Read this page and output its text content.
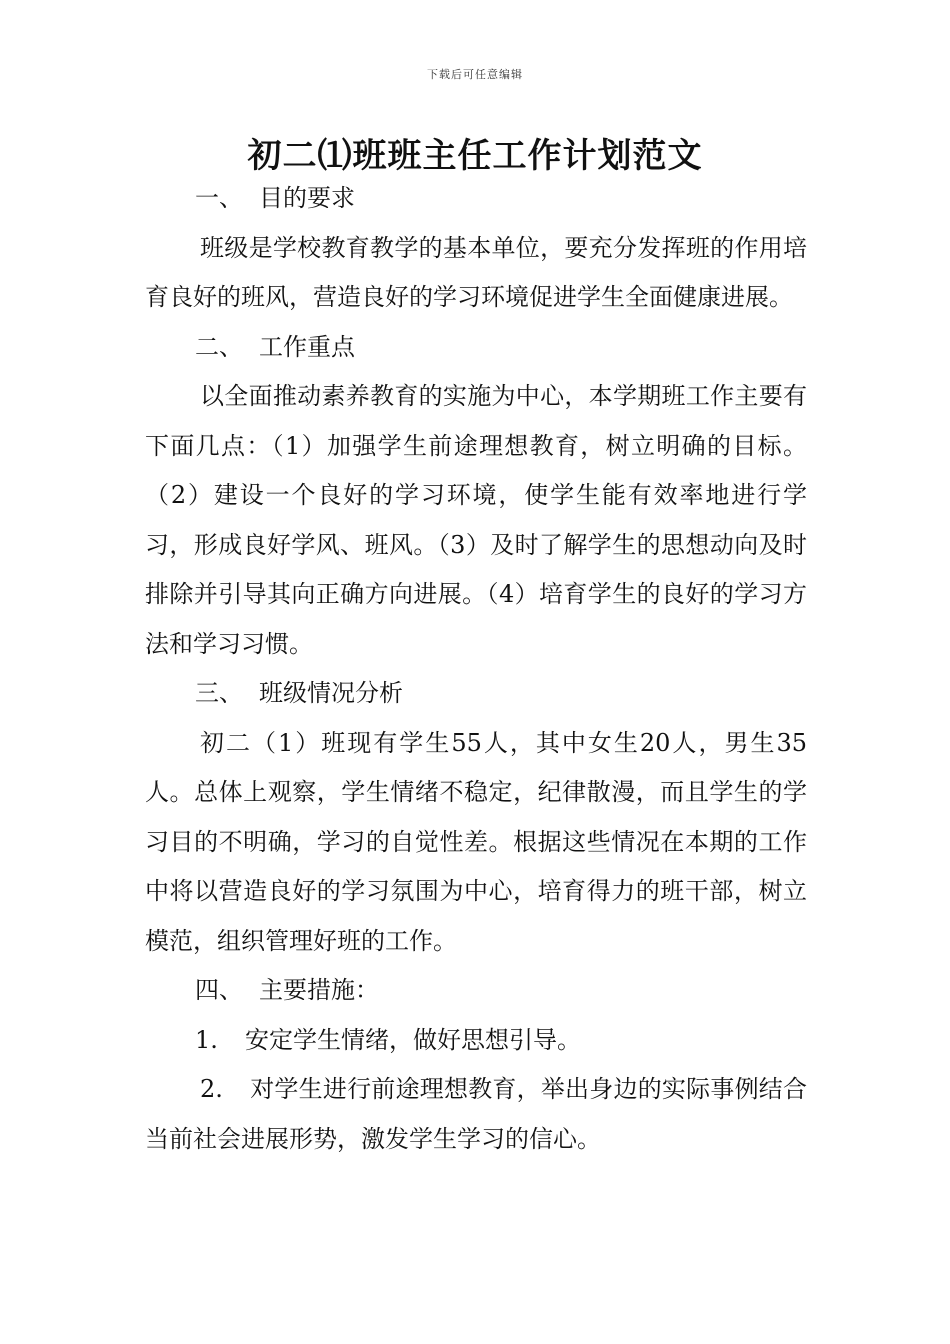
下载后可任意编辑
初二⑴班班主任工作计划范文

一、 目的要求

班级是学校教育教学的基本单位，要充分发挥班的作用培育良好的班风，营造良好的学习环境促进学生全面健康进展。

二、 工作重点

以全面推动素养教育的实施为中心，本学期班工作主要有下面几点：（1）加强学生前途理想教育，树立明确的目标。（2）建设一个良好的学习环境，使学生能有效率地进行学习，形成良好学风、班风。（3）及时了解学生的思想动向及时排除并引导其向正确方向进展。（4）培育学生的良好的学习方法和学习习惯。

三、 班级情况分析

初二（1）班现有学生55人，其中女生20人，男生35人。总体上观察，学生情绪不稳定，纪律散漫，而且学生的学习目的不明确，学习的自觉性差。根据这些情况在本期的工作中将以营造良好的学习氛围为中心，培育得力的班干部，树立模范，组织管理好班的工作。

四、 主要措施：

1. 安定学生情绪，做好思想引导。

2. 对学生进行前途理想教育，举出身边的实际事例结合当前社会进展形势，激发学生学习的信心。
